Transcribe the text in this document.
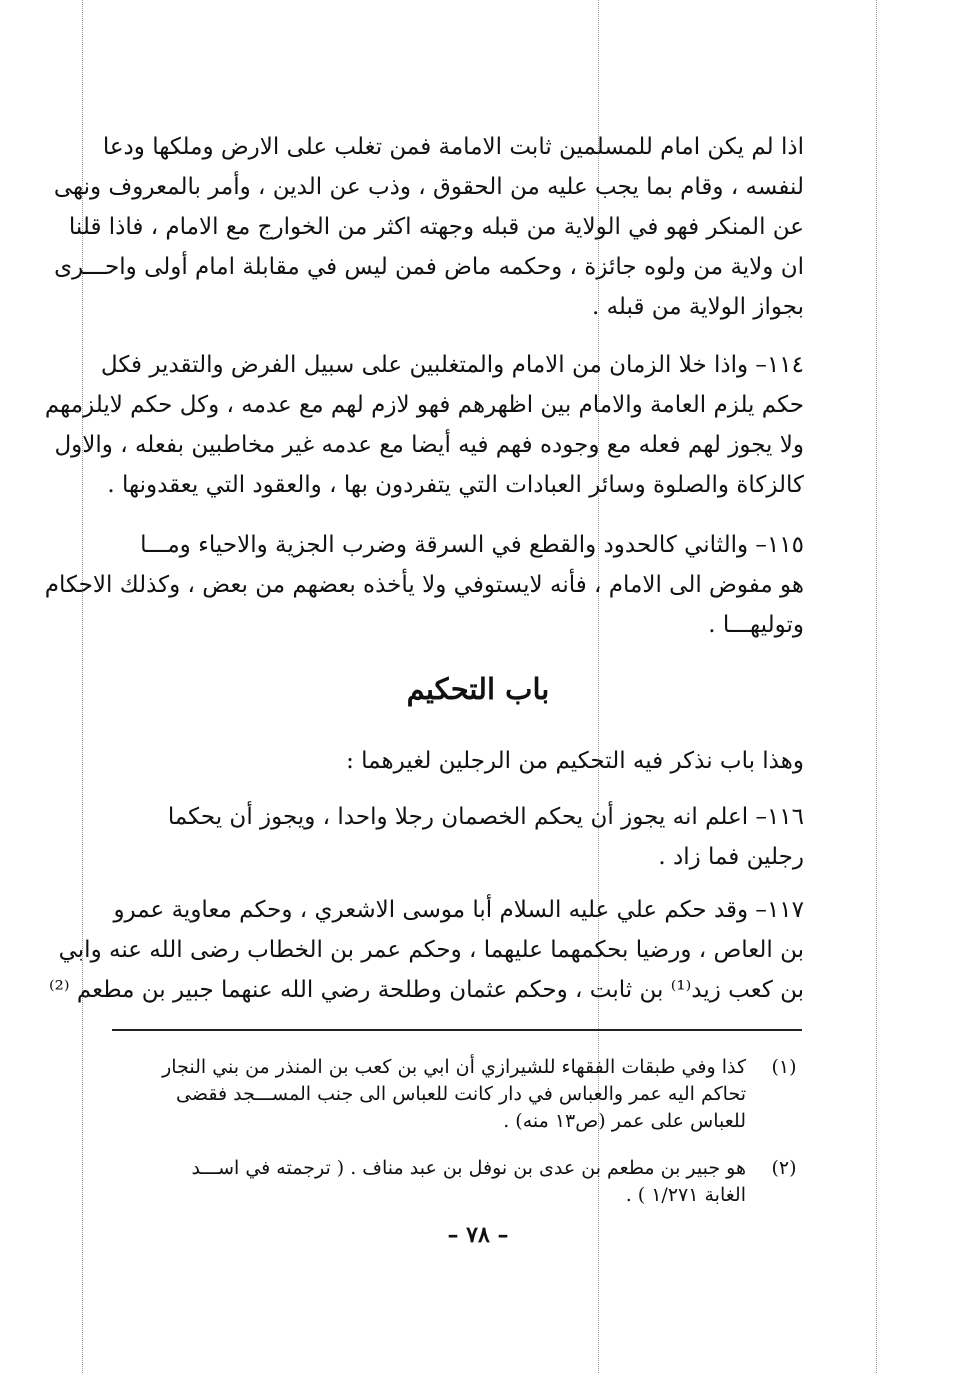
اذا لم يكن امام للمسلمين ثابت الامامة فمن تغلب على الارض وملكها ودعا
لنفسه ، وقام بما يجب عليه من الحقوق ، وذب عن الدين ، وأمر بالمعروف ونهى
عن المنكر فهو في الولاية من قبله وجهته اكثر من الخوارج مع الامام ، فاذا قلنا
ان ولاية من ولوه جائزة ، وحكمه ماض فمن ليس في مقابلة امام أولى واحـــرى
بجواز الولاية من قبله .
١١٤– واذا خلا الزمان من الامام والمتغلبين على سبيل الفرض والتقدير فكل
حكم يلزم العامة والامام بين اظهرهم فهو لازم لهم مع عدمه ، وكل حكم لايلزمهم
ولا يجوز لهم فعله مع وجوده فهم فيه أيضا مع عدمه غير مخاطبين بفعله ، والاول
كالزكاة والصلوة وسائر العبادات التي يتفردون بها ، والعقود التي يعقدونها .
١١٥– والثاني كالحدود والقطع في السرقة وضرب الجزية والاحياء ومـــا
هو مفوض الى الامام ، فأنه لايستوفي ولا يأخذه بعضهم من بعض ، وكذلك الاحكام
وتوليهـــا .
باب التحكيم
وهذا باب نذكر فيه التحكيم من الرجلين لغيرهما :
١١٦– اعلم انه يجوز أن يحكم الخصمان رجلا واحدا ، ويجوز أن يحكما
رجلين فما زاد .
١١٧– وقد حكم علي عليه السلام أبا موسى الاشعري ، وحكم معاوية عمرو
بن العاص ، ورضيا بحكمهما عليهما ، وحكم عمر بن الخطاب رضى الله عنه وابي
بن كعب زيد⁽¹⁾ بن ثابت ، وحكم عثمان وطلحة رضي الله عنهما جبير بن مطعم ⁽²⁾
(١)
كذا وفي طبقات الفقهاء للشيرازي أن ابي بن كعب بن المنذر من بني النجار
تحاكم اليه عمر والعباس في دار كانت للعباس الى جنب المســـجد فقضى
للعباس على عمر (ص١٣ منه) .
(٢)
هو جبير بن مطعم بن عدى بن نوفل بن عبد مناف . ( ترجمته في اســـد
الغابة ١/٢٧١ ) .
– ٧٨ –
